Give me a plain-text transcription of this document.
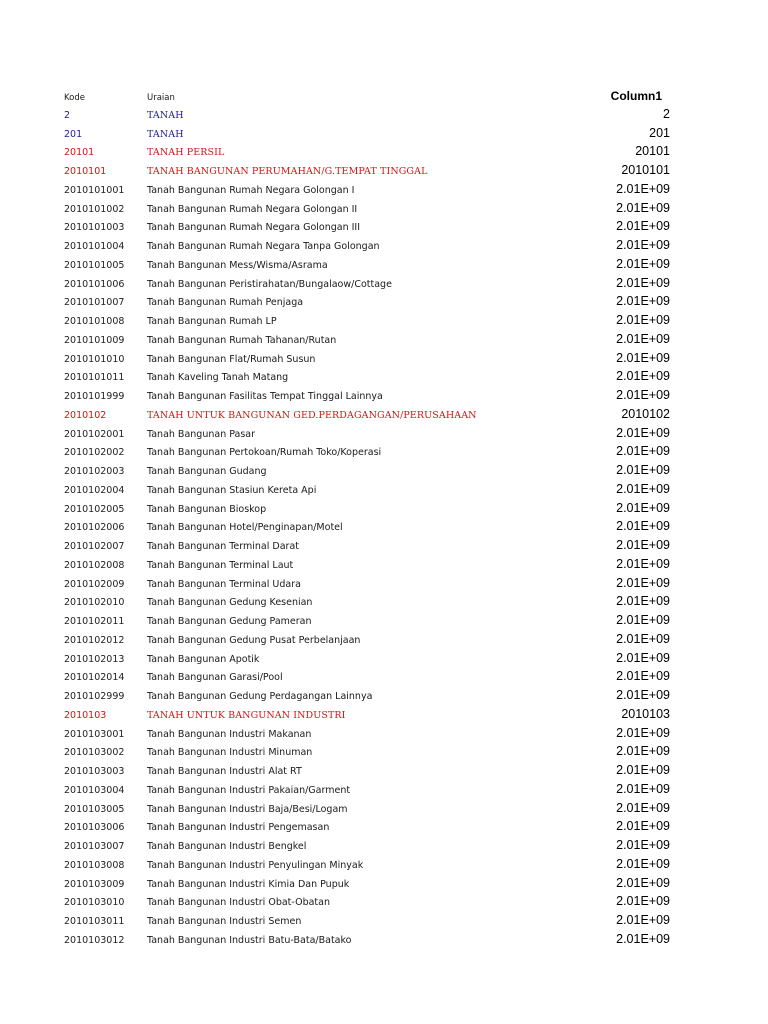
Kode	Uraian	Column1
2	TANAH	2
201	TANAH	201
20101	TANAH PERSIL	20101
2010101	TANAH BANGUNAN PERUMAHAN/G.TEMPAT TINGGAL	2010101
2010101001 Tanah Bangunan Rumah Negara Golongan I	2.01E+09
2010101002 Tanah Bangunan Rumah Negara Golongan II	2.01E+09
2010101003 Tanah Bangunan Rumah Negara Golongan III	2.01E+09
2010101004 Tanah Bangunan Rumah Negara Tanpa Golongan	2.01E+09
2010101005 Tanah Bangunan Mess/Wisma/Asrama	2.01E+09
2010101006 Tanah Bangunan Peristirahatan/Bungalaow/Cottage	2.01E+09
2010101007 Tanah Bangunan Rumah Penjaga	2.01E+09
2010101008 Tanah Bangunan Rumah LP	2.01E+09
2010101009 Tanah Bangunan Rumah Tahanan/Rutan	2.01E+09
2010101010 Tanah Bangunan Flat/Rumah Susun	2.01E+09
2010101011 Tanah Kaveling Tanah Matang	2.01E+09
2010101999 Tanah Bangunan Fasilitas Tempat Tinggal Lainnya	2.01E+09
2010102	TANAH UNTUK BANGUNAN GED.PERDAGANGAN/PERUSAHAAN	2010102
2010102001 Tanah Bangunan Pasar	2.01E+09
2010102002 Tanah Bangunan Pertokoan/Rumah Toko/Koperasi	2.01E+09
2010102003 Tanah Bangunan Gudang	2.01E+09
2010102004 Tanah Bangunan Stasiun Kereta Api	2.01E+09
2010102005 Tanah Bangunan Bioskop	2.01E+09
2010102006 Tanah Bangunan Hotel/Penginapan/Motel	2.01E+09
2010102007 Tanah Bangunan Terminal Darat	2.01E+09
2010102008 Tanah Bangunan Terminal Laut	2.01E+09
2010102009 Tanah Bangunan Terminal Udara	2.01E+09
2010102010 Tanah Bangunan Gedung Kesenian	2.01E+09
2010102011 Tanah Bangunan Gedung Pameran	2.01E+09
2010102012 Tanah Bangunan Gedung Pusat Perbelanjaan	2.01E+09
2010102013 Tanah Bangunan Apotik	2.01E+09
2010102014 Tanah Bangunan Garasi/Pool	2.01E+09
2010102999 Tanah Bangunan Gedung Perdagangan Lainnya	2.01E+09
2010103	TANAH UNTUK BANGUNAN INDUSTRI	2010103
2010103001 Tanah Bangunan Industri Makanan	2.01E+09
2010103002 Tanah Bangunan Industri Minuman	2.01E+09
2010103003 Tanah Bangunan Industri Alat RT	2.01E+09
2010103004 Tanah Bangunan Industri Pakaian/Garment	2.01E+09
2010103005 Tanah Bangunan Industri Baja/Besi/Logam	2.01E+09
2010103006 Tanah Bangunan Industri Pengemasan	2.01E+09
2010103007 Tanah Bangunan Industri Bengkel	2.01E+09
2010103008 Tanah Bangunan Industri Penyulingan Minyak	2.01E+09
2010103009 Tanah Bangunan Industri Kimia Dan Pupuk	2.01E+09
2010103010 Tanah Bangunan Industri Obat-Obatan	2.01E+09
2010103011 Tanah Bangunan Industri Semen	2.01E+09
2010103012 Tanah Bangunan Industri Batu-Bata/Batako	2.01E+09
